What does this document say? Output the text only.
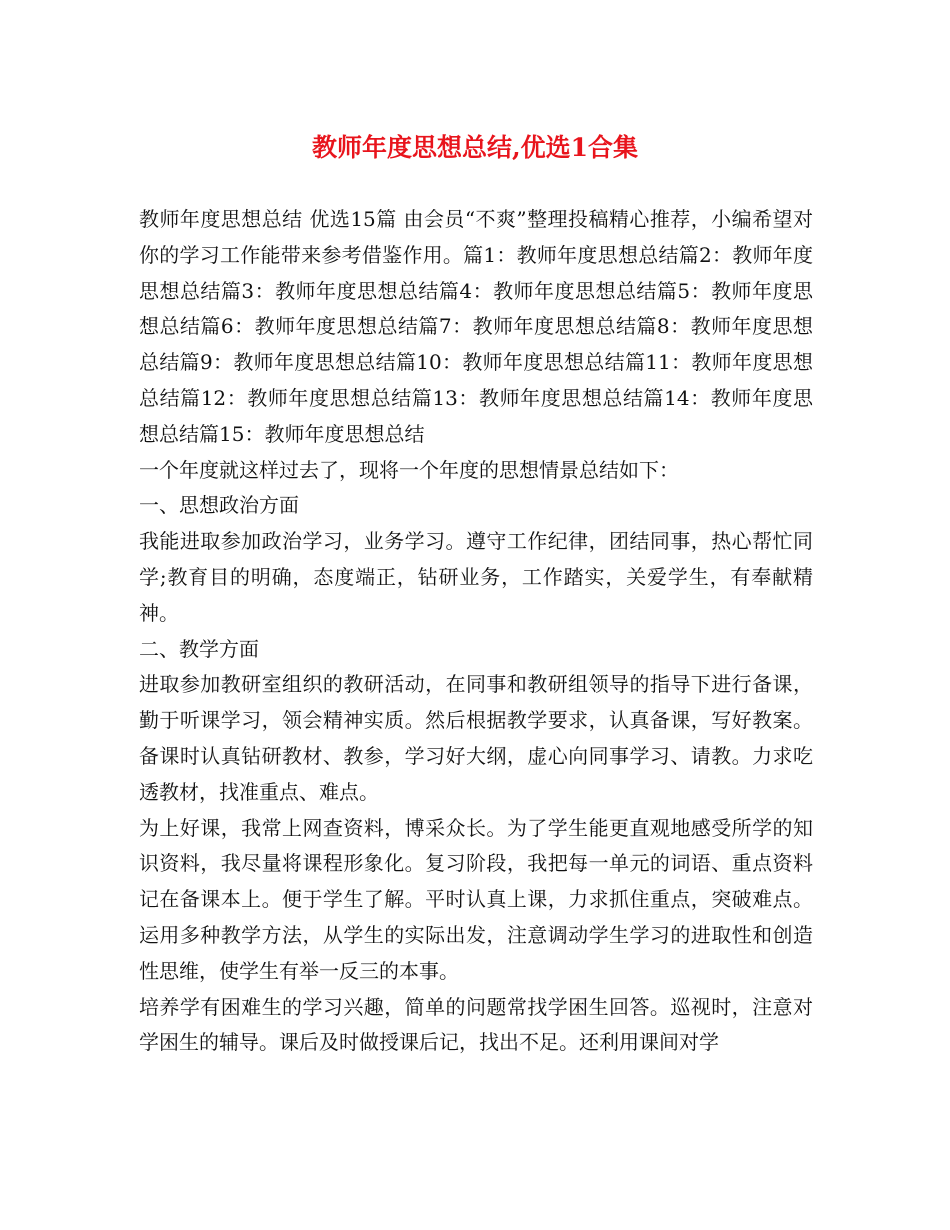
教师年度思想总结,优选1合集

教师年度思想总结 优选15篇 由会员“不爽”整理投稿精心推荐，小编希望对你的学习工作能带来参考借鉴作用。篇1：教师年度思想总结篇2：教师年度思想总结篇3：教师年度思想总结篇4：教师年度思想总结篇5：教师年度思想总结篇6：教师年度思想总结篇7：教师年度思想总结篇8：教师年度思想总结篇9：教师年度思想总结篇10：教师年度思想总结篇11：教师年度思想总结篇12：教师年度思想总结篇13：教师年度思想总结篇14：教师年度思想总结篇15：教师年度思想总结

一个年度就这样过去了，现将一个年度的思想情景总结如下：

一、思想政治方面

我能进取参加政治学习，业务学习。遵守工作纪律，团结同事，热心帮忙同学;教育目的明确，态度端正，钻研业务，工作踏实，关爱学生，有奉献精神。

二、教学方面

进取参加教研室组织的教研活动，在同事和教研组领导的指导下进行备课，勤于听课学习，领会精神实质。然后根据教学要求，认真备课，写好教案。备课时认真钻研教材、教参，学习好大纲，虚心向同事学习、请教。力求吃透教材，找准重点、难点。

为上好课，我常上网查资料，博采众长。为了学生能更直观地感受所学的知识资料，我尽量将课程形象化。复习阶段，我把每一单元的词语、重点资料记在备课本上。便于学生了解。平时认真上课，力求抓住重点，突破难点。运用多种教学方法，从学生的实际出发，注意调动学生学习的进取性和创造性思维，使学生有举一反三的本事。

培养学有困难生的学习兴趣，简单的问题常找学困生回答。巡视时，注意对学困生的辅导。课后及时做授课后记，找出不足。还利用课间对学
